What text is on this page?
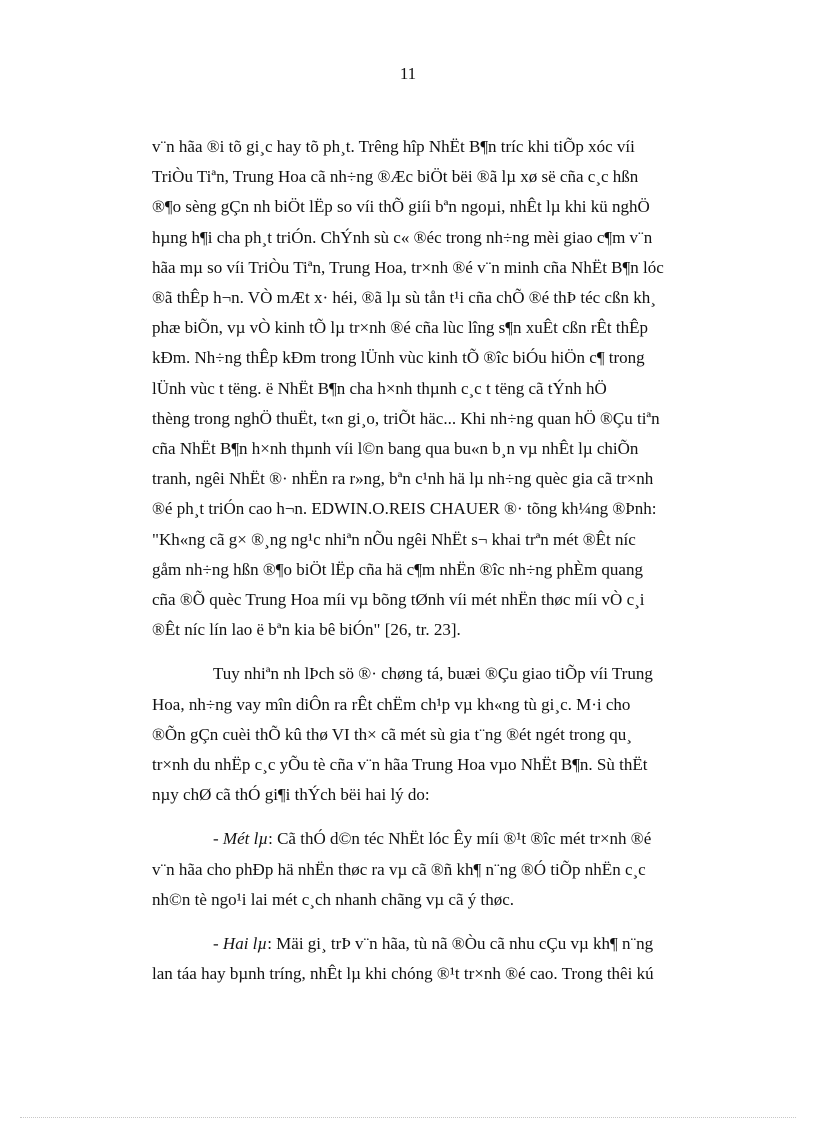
11
v¨n hãa ®i tõ gi¸c hay tõ ph¸t. Trêng hîp NhËt B¶n tríc khi tiÕp xóc víi
TriÒu Tiªn, Trung Hoa cã nh÷ng ®Æc biÖt bëi ®ã lµ xø së cña c¸c hßn
®¶o sèng gÇn nh biÖt lËp so víi thÕ giíi bªn ngoµi, nhÊt lµ khi kü nghÖ
hµng h¶i cha ph¸t triÓn. ChÝnh sù c« ®éc trong nh÷ng mèi giao c¶m v¨n
hãa mµ so víi TriÒu Tiªn, Trung Hoa, tr×nh ®é v¨n minh cña NhËt B¶n lóc
®ã thÊp h¬n. VÒ mÆt x· héi, ®ã lµ sù tån t¹i cña chÕ ®é thÞ téc cßn kh¸
phæ biÕn, vµ vÒ kinh tÕ lµ tr×nh ®é cña lùc lîng s¶n xuÊt cßn rÊt thÊp
kÐm. Nh÷ng thÊp kÐm trong lÜnh vùc kinh tÕ ®îc biÓu hiÖn c¶ trong
lÜnh vùc t tëng. ë NhËt B¶n cha h×nh thµnh c¸c t tëng cã tÝnh hÖ
thèng trong nghÖ thuËt, t«n gi¸o, triÕt häc... Khi nh÷ng quan hÖ ®Çu tiªn
cña NhËt B¶n h×nh thµnh víi l©n bang qua bu«n b¸n vµ nhÊt lµ chiÕn
tranh, ngêi NhËt ®· nhËn ra r»ng, bªn c¹nh hä lµ nh÷ng quèc gia cã tr×nh
®é ph¸t triÓn cao h¬n. EDWIN.O.REIS CHAUER ®· tõng kh¼ng ®Þnh:
"Kh«ng cã g× ®¸ng ng¹c nhiªn nÕu ngêi NhËt s¬ khai trªn mét ®Êt níc
gåm nh÷ng hßn ®¶o biÖt lËp cña hä c¶m nhËn ®îc nh÷ng phÈm quang
cña ®Õ quèc Trung Hoa míi vµ bõng tØnh víi mét nhËn thøc míi vÒ c¸i
®Êt níc lín lao ë bªn kia bê biÓn" [26, tr. 23].
Tuy nhiªn nh lÞch sö ®· chøng tá, buæi ®Çu giao tiÕp víi Trung
Hoa, nh÷ng vay mîn diÔn ra rÊt chËm ch¹p vµ kh«ng tù gi¸c. M·i cho
®Õn gÇn cuèi thÕ kû thø VI th× cã mét sù gia t¨ng ®ét ngét trong qu¸
tr×nh du nhËp c¸c yÕu tè cña v¨n hãa Trung Hoa vµo NhËt B¶n. Sù thËt
nµy chØ cã thÓ gi¶i thÝch bëi hai lý do:
- Mét lµ: Cã thÓ d©n téc NhËt lóc Êy míi ®¹t ®îc mét tr×nh ®é
v¨n hãa cho phÐp hä nhËn thøc ra vµ cã ®ñ kh¶ n¨ng ®Ó tiÕp nhËn c¸c
nh©n tè ngo¹i lai mét c¸ch nhanh chãng vµ cã ý thøc.
- Hai lµ: Mäi gi¸ trÞ v¨n hãa, tù nã ®Òu cã nhu cÇu vµ kh¶ n¨ng
lan táa hay bµnh tríng, nhÊt lµ khi chóng ®¹t tr×nh ®é cao. Trong thêi kú
